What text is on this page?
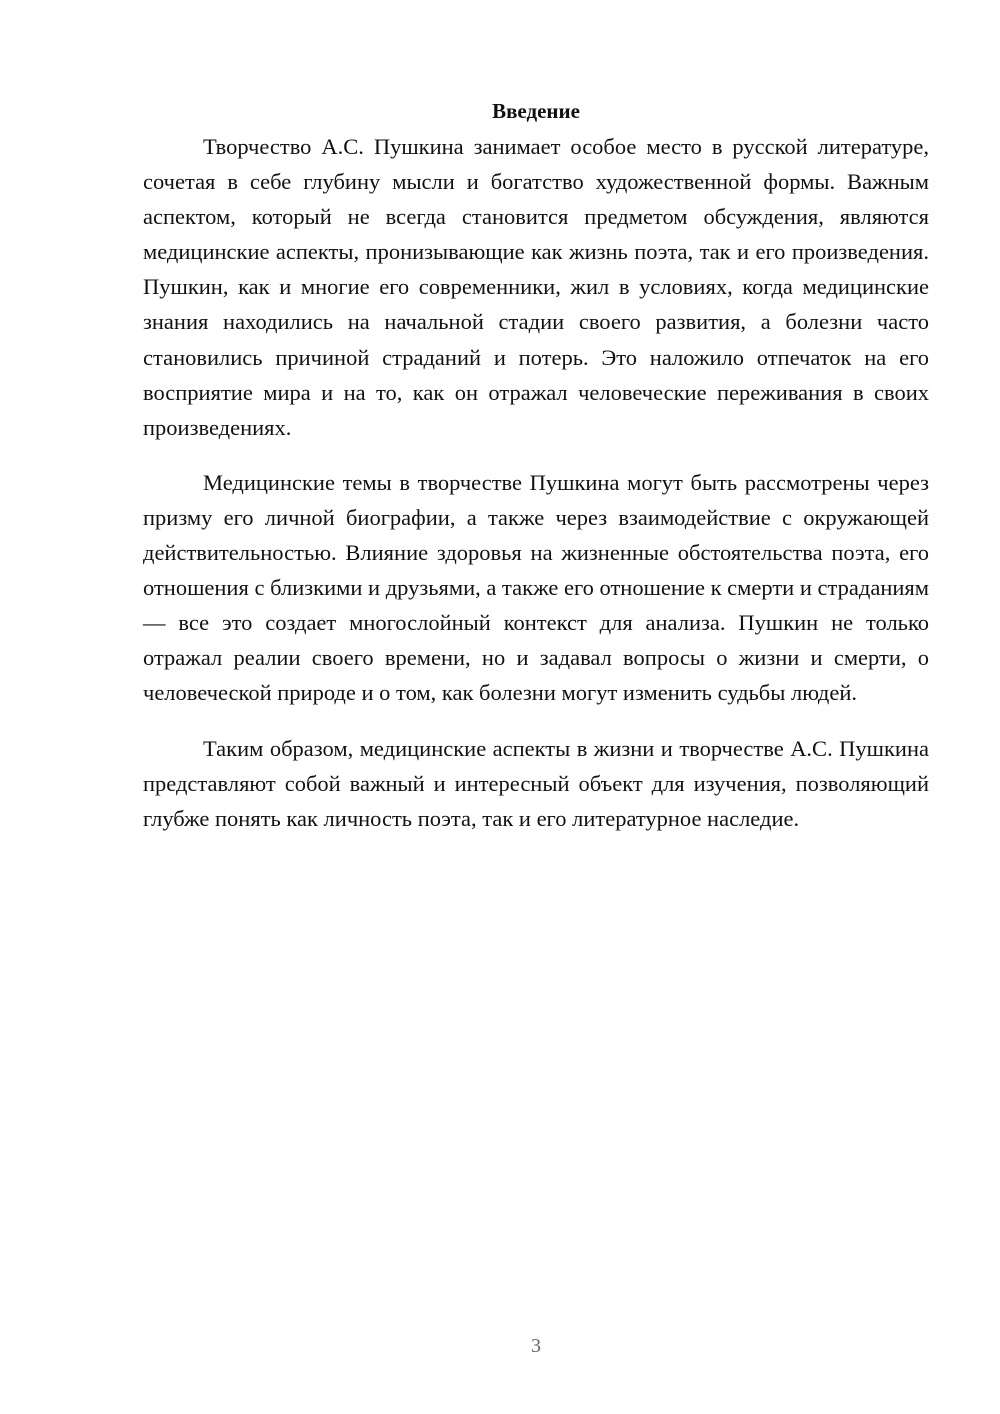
Введение

Творчество А.С. Пушкина занимает особое место в русской литературе, сочетая в себе глубину мысли и богатство художественной формы. Важным аспектом, который не всегда становится предметом обсуждения, являются медицинские аспекты, пронизывающие как жизнь поэта, так и его произведения. Пушкин, как и многие его современники, жил в условиях, когда медицинские знания находились на начальной стадии своего развития, а болезни часто становились причиной страданий и потерь. Это наложило отпечаток на его восприятие мира и на то, как он отражал человеческие переживания в своих произведениях.

Медицинские темы в творчестве Пушкина могут быть рассмотрены через призму его личной биографии, а также через взаимодействие с окружающей действительностью. Влияние здоровья на жизненные обстоятельства поэта, его отношения с близкими и друзьями, а также его отношение к смерти и страданиям — все это создает многослойный контекст для анализа. Пушкин не только отражал реалии своего времени, но и задавал вопросы о жизни и смерти, о человеческой природе и о том, как болезни могут изменить судьбы людей.

Таким образом, медицинские аспекты в жизни и творчестве А.С. Пушкина представляют собой важный и интересный объект для изучения, позволяющий глубже понять как личность поэта, так и его литературное наследие.

3
